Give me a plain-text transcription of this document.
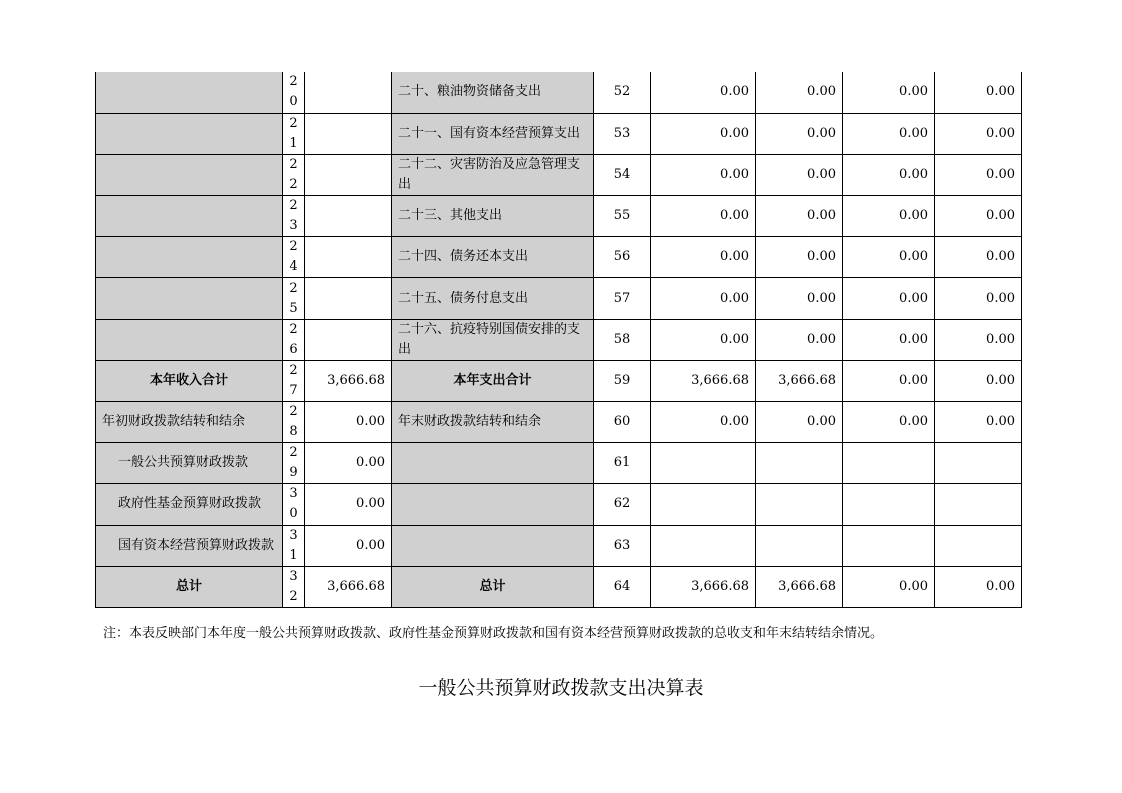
	20		二十、粮油物资储备支出	52	0.00	0.00	0.00	0.00

	21		二十一、国有资本经营预算支出	53	0.00	0.00	0.00	0.00

	22		二十二、灾害防治及应急管理支出	54	0.00	0.00	0.00	0.00

	23		二十三、其他支出	55	0.00	0.00	0.00	0.00

	24		二十四、债务还本支出	56	0.00	0.00	0.00	0.00

	25		二十五、债务付息支出	57	0.00	0.00	0.00	0.00

	26		二十六、抗疫特别国债安排的支出	58	0.00	0.00	0.00	0.00
本年收入合计	27	3,666.68	本年支出合计	59	3,666.68	3,666.68	0.00	0.00
年初财政拨款结转和结余	28	0.00	年末财政拨款结转和结余	60	0.00	0.00	0.00	0.00
一般公共预算财政拨款	29	0.00		61				
政府性基金预算财政拨款	30	0.00		62				
国有资本经营预算财政拨款	31	0.00		63				
总计	32	3,666.68	总计	64	3,666.68	3,666.68	0.00	0.00
注：本表反映部门本年度一般公共预算财政拨款、政府性基金预算财政拨款和国有资本经营预算财政拨款的总收支和年末结转结余情况。
一般公共预算财政拨款支出决算表
